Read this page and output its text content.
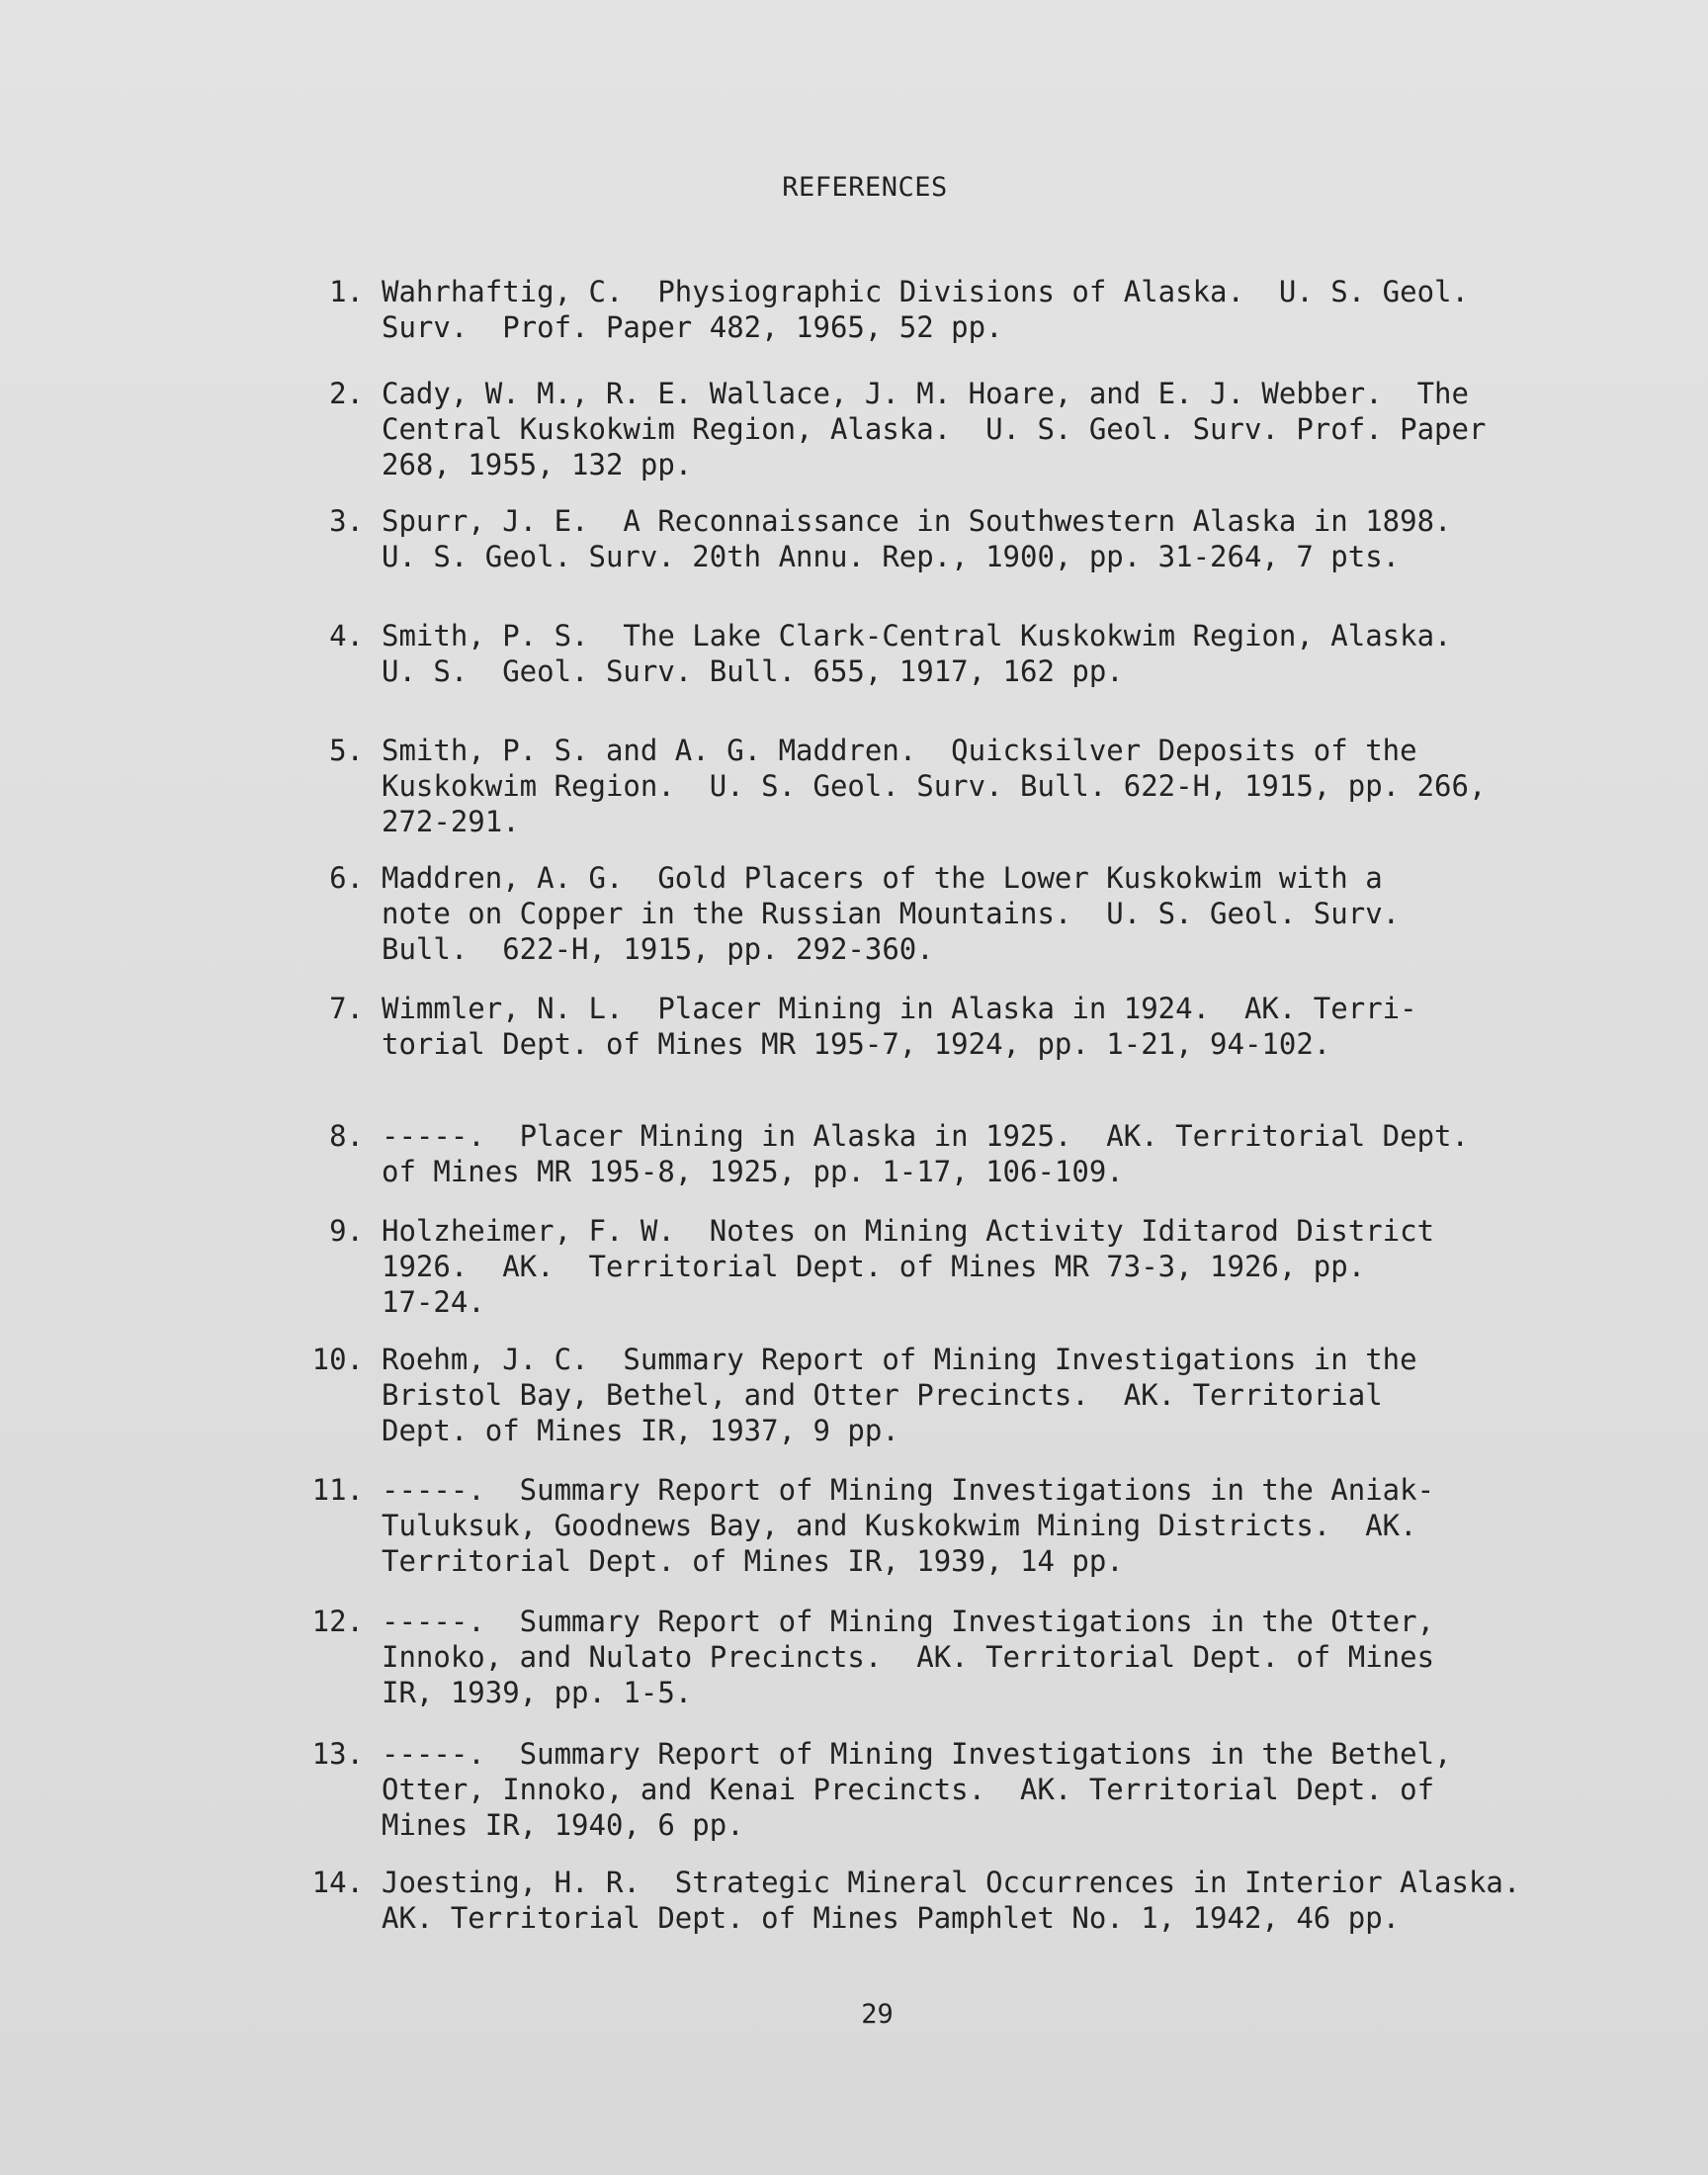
REFERENCES
1. Wahrhaftig, C.  Physiographic Divisions of Alaska.  U. S. Geol.
Surv.  Prof. Paper 482, 1965, 52 pp.
2. Cady, W. M., R. E. Wallace, J. M. Hoare, and E. J. Webber.  The
Central Kuskokwim Region, Alaska.  U. S. Geol. Surv. Prof. Paper
268, 1955, 132 pp.
3. Spurr, J. E.  A Reconnaissance in Southwestern Alaska in 1898.
U. S. Geol. Surv. 20th Annu. Rep., 1900, pp. 31-264, 7 pts.
4. Smith, P. S.  The Lake Clark-Central Kuskokwim Region, Alaska.
U. S.  Geol. Surv. Bull. 655, 1917, 162 pp.
5. Smith, P. S. and A. G. Maddren.  Quicksilver Deposits of the
Kuskokwim Region.  U. S. Geol. Surv. Bull. 622-H, 1915, pp. 266,
272-291.
6. Maddren, A. G.  Gold Placers of the Lower Kuskokwim with a
note on Copper in the Russian Mountains.  U. S. Geol. Surv.
Bull.  622-H, 1915, pp. 292-360.
7. Wimmler, N. L.  Placer Mining in Alaska in 1924.  AK. Terri-
torial Dept. of Mines MR 195-7, 1924, pp. 1-21, 94-102.
8. -----.  Placer Mining in Alaska in 1925.  AK. Territorial Dept.
of Mines MR 195-8, 1925, pp. 1-17, 106-109.
9. Holzheimer, F. W.  Notes on Mining Activity Iditarod District
1926.  AK.  Territorial Dept. of Mines MR 73-3, 1926, pp.
17-24.
10. Roehm, J. C.  Summary Report of Mining Investigations in the
Bristol Bay, Bethel, and Otter Precincts.  AK. Territorial
Dept. of Mines IR, 1937, 9 pp.
11. -----.  Summary Report of Mining Investigations in the Aniak-
Tuluksuk, Goodnews Bay, and Kuskokwim Mining Districts.  AK.
Territorial Dept. of Mines IR, 1939, 14 pp.
12. -----.  Summary Report of Mining Investigations in the Otter,
Innoko, and Nulato Precincts.  AK. Territorial Dept. of Mines
IR, 1939, pp. 1-5.
13. -----.  Summary Report of Mining Investigations in the Bethel,
Otter, Innoko, and Kenai Precincts.  AK. Territorial Dept. of
Mines IR, 1940, 6 pp.
14. Joesting, H. R.  Strategic Mineral Occurrences in Interior Alaska.
AK. Territorial Dept. of Mines Pamphlet No. 1, 1942, 46 pp.
29
